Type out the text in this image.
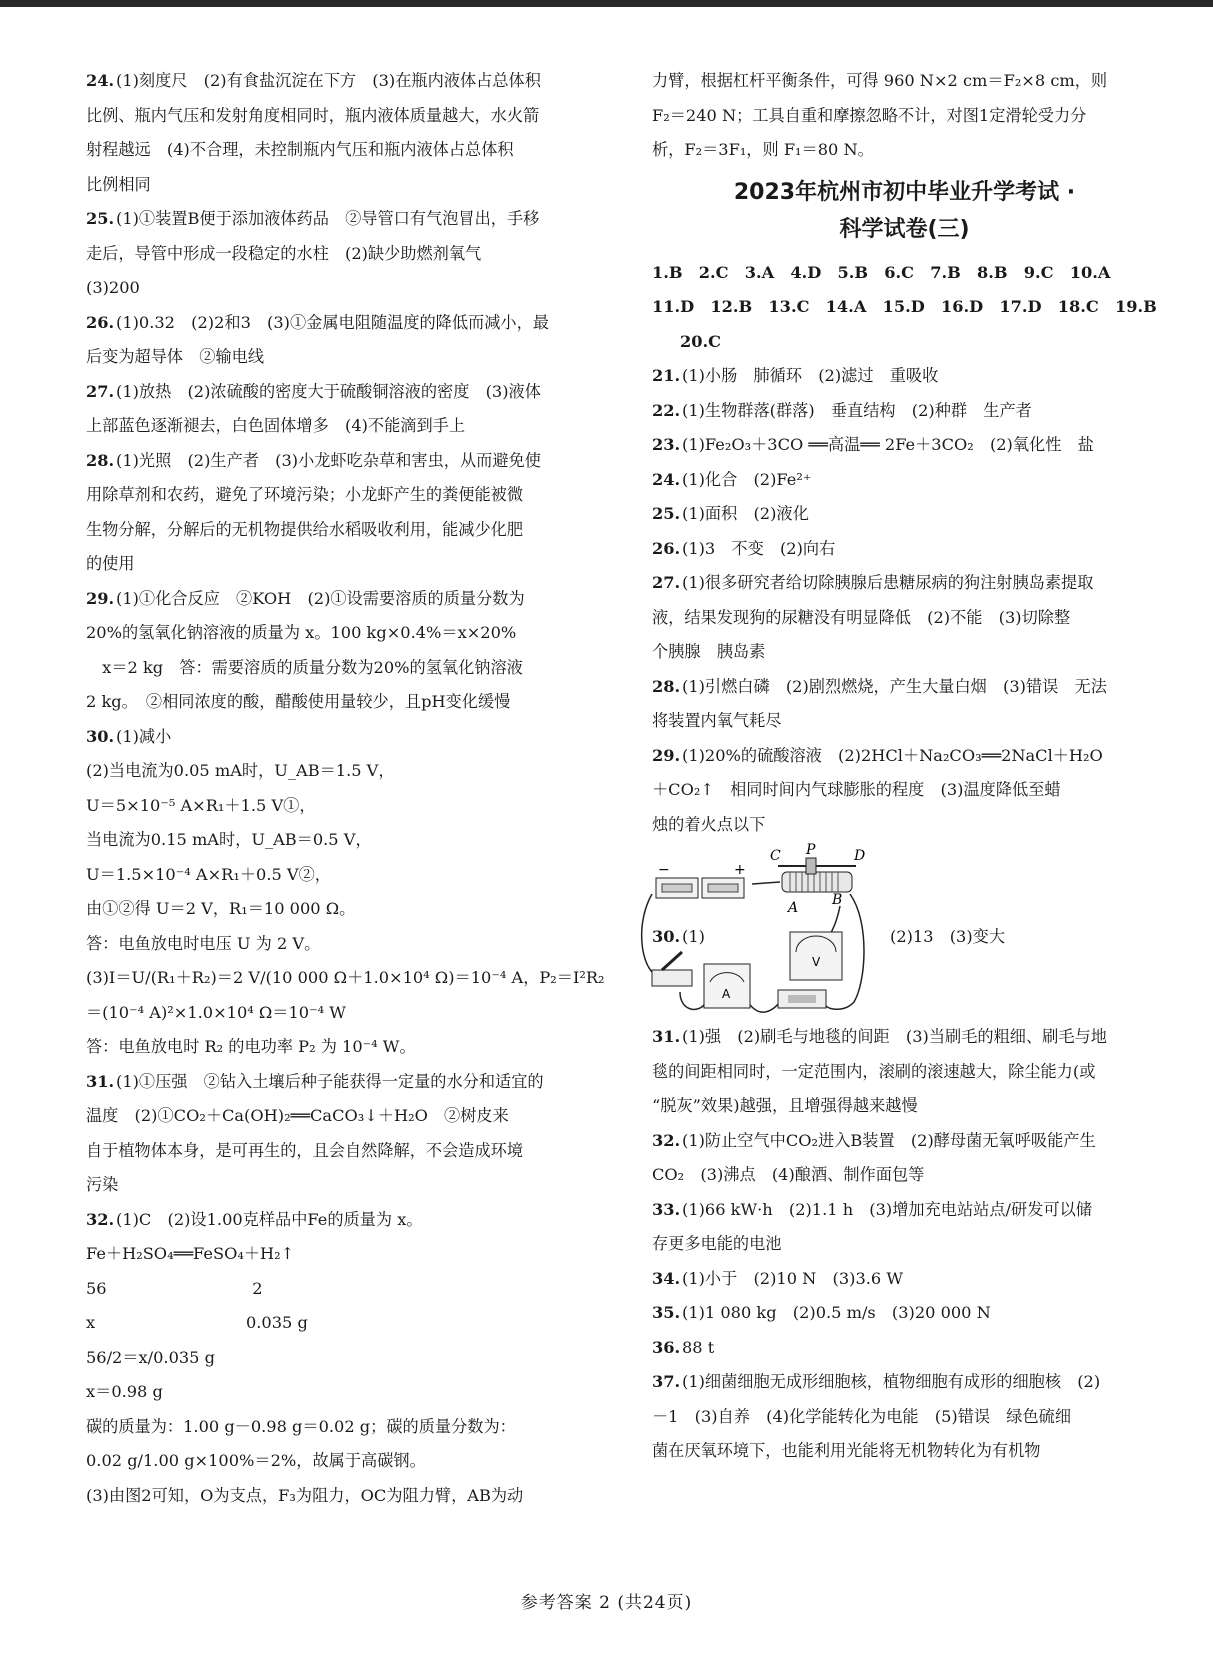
24. (1)刻度尺　(2)有食盐沉淀在下方　(3)在瓶内液体占总体积
比例、瓶内气压和发射角度相同时，瓶内液体质量越大，水火箭
射程越远　(4)不合理，未控制瓶内气压和瓶内液体占总体积
比例相同
25. (1)①装置B便于添加液体药品　②导管口有气泡冒出，手移
走后，导管中形成一段稳定的水柱　(2)缺少助燃剂氧气
(3)200
26. (1)0.32　(2)2和3　(3)①金属电阻随温度的降低而减小，最
后变为超导体　②输电线
27. (1)放热　(2)浓硫酸的密度大于硫酸铜溶液的密度　(3)液体
上部蓝色逐渐褪去，白色固体增多　(4)不能滴到手上
28. (1)光照　(2)生产者　(3)小龙虾吃杂草和害虫，从而避免使
用除草剂和农药，避免了环境污染；小龙虾产生的粪便能被微
生物分解，分解后的无机物提供给水稻吸收利用，能减少化肥
的使用
29. (1)①化合反应　②KOH　(2)①设需要溶质的质量分数为
20%的氢氧化钠溶液的质量为 x。100 kg×0.4%＝x×20%
　x＝2 kg　答：需要溶质的质量分数为20%的氢氧化钠溶液
2 kg。　②相同浓度的酸，醋酸使用量较少，且pH变化缓慢
30. (1)减小
(2)当电流为0.05 mA时，U_AB＝1.5 V，
U＝5×10⁻⁵ A×R₁＋1.5 V①，
当电流为0.15 mA时，U_AB＝0.5 V，
U＝1.5×10⁻⁴ A×R₁＋0.5 V②，
由①②得 U＝2 V，R₁＝10 000 Ω。
答：电鱼放电时电压 U 为 2 V。
(3)I＝U/(R₁＋R₂)＝2 V/(10 000 Ω＋1.0×10⁴ Ω)＝10⁻⁴ A，P₂＝I²R₂
＝(10⁻⁴ A)²×1.0×10⁴ Ω＝10⁻⁴ W
答：电鱼放电时 R₂ 的电功率 P₂ 为 10⁻⁴ W。
31. (1)①压强　②钻入土壤后种子能获得一定量的水分和适宜的
温度　(2)①CO₂＋Ca(OH)₂══CaCO₃↓＋H₂O　②树皮来
自于植物体本身，是可再生的，且会自然降解，不会造成环境
污染
32. (1)C　(2)设1.00克样品中Fe的质量为 x。
Fe＋H₂SO₄══FeSO₄＋H₂↑
56　　　　　　　　　2
x　　　　　　　　　 0.035 g
56/2＝x/0.035 g
x＝0.98 g
碳的质量为：1.00 g－0.98 g＝0.02 g；碳的质量分数为：
0.02 g/1.00 g×100%＝2%，故属于高碳钢。
(3)由图2可知，O为支点，F₃为阻力，OC为阻力臂，AB为动
力臂，根据杠杆平衡条件，可得 960 N×2 cm＝F₂×8 cm，则
F₂＝240 N；工具自重和摩擦忽略不计，对图1定滑轮受力分
析，F₂＝3F₁，则 F₁＝80 N。
2023年杭州市初中毕业升学考试 ·
科学试卷(三)
1.B　2.C　3.A　4.D　5.B　6.C　7.B　8.B　9.C　10.A
11.D　12.B　13.C　14.A　15.D　16.D　17.D　18.C　19.B
20.C
21. (1)小肠　肺循环　(2)滤过　重吸收
22. (1)生物群落(群落)　垂直结构　(2)种群　生产者
23. (1)Fe₂O₃＋3CO ══高温══ 2Fe＋3CO₂　(2)氧化性　盐
24. (1)化合　(2)Fe²⁺
25. (1)面积　(2)液化
26. (1)3　不变　(2)向右
27. (1)很多研究者给切除胰腺后患糖尿病的狗注射胰岛素提取
液，结果发现狗的尿糖没有明显降低　(2)不能　(3)切除整
个胰腺　胰岛素
28. (1)引燃白磷　(2)剧烈燃烧，产生大量白烟　(3)错误　无法
将装置内氧气耗尽
29. (1)20%的硫酸溶液　(2)2HCl＋Na₂CO₃══2NaCl＋H₂O
＋CO₂↑　相同时间内气球膨胀的程度　(3)温度降低至蜡
烛的着火点以下
30. (1)
−	+
C P	D
A B
A
V
(2)13　(3)变大
31. (1)强　(2)刷毛与地毯的间距　(3)当刷毛的粗细、刷毛与地
毯的间距相同时，一定范围内，滚刷的滚速越大，除尘能力(或
“脱灰”效果)越强，且增强得越来越慢
32. (1)防止空气中CO₂进入B装置　(2)酵母菌无氧呼吸能产生
CO₂　(3)沸点　(4)酿酒、制作面包等
33. (1)66 kW·h　(2)1.1 h　(3)增加充电站站点/研发可以储
存更多电能的电池
34. (1)小于　(2)10 N　(3)3.6 W
35. (1)1 080 kg　(2)0.5 m/s　(3)20 000 N
36. 88 t
37. (1)细菌细胞无成形细胞核，植物细胞有成形的细胞核　(2)
－1　(3)自养　(4)化学能转化为电能　(5)错误　绿色硫细
菌在厌氧环境下，也能利用光能将无机物转化为有机物
参考答案 2 (共24页)
